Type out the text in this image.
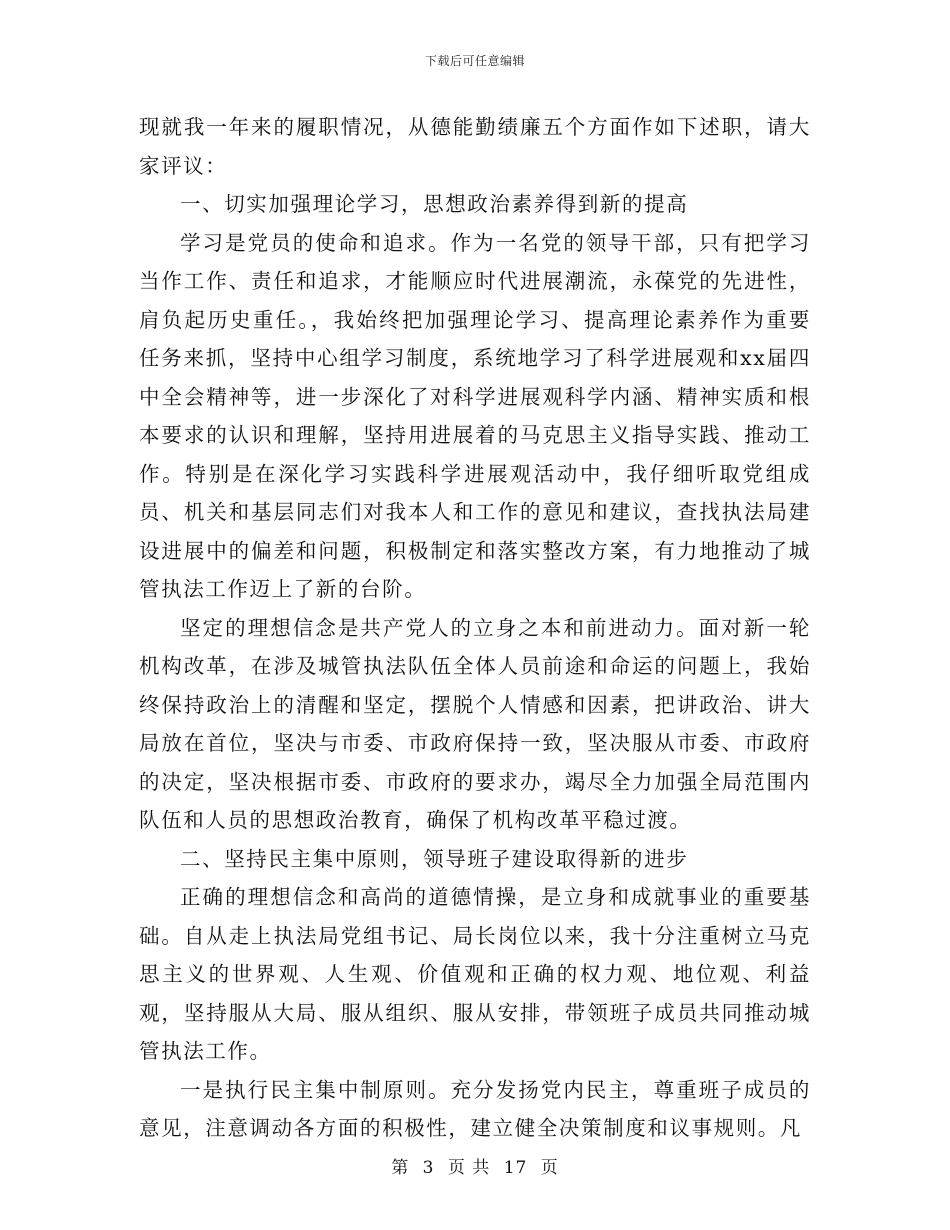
下载后可任意编辑

现就我一年来的履职情况，从德能勤绩廉五个方面作如下述职，请大家评议：

一、切实加强理论学习，思想政治素养得到新的提高

学习是党员的使命和追求。作为一名党的领导干部，只有把学习当作工作、责任和追求，才能顺应时代进展潮流，永葆党的先进性，肩负起历史重任。，我始终把加强理论学习、提高理论素养作为重要任务来抓，坚持中心组学习制度，系统地学习了科学进展观和xx届四中全会精神等，进一步深化了对科学进展观科学内涵、精神实质和根本要求的认识和理解，坚持用进展着的马克思主义指导实践、推动工作。特别是在深化学习实践科学进展观活动中，我仔细听取党组成员、机关和基层同志们对我本人和工作的意见和建议，查找执法局建设进展中的偏差和问题，积极制定和落实整改方案，有力地推动了城管执法工作迈上了新的台阶。

坚定的理想信念是共产党人的立身之本和前进动力。面对新一轮机构改革，在涉及城管执法队伍全体人员前途和命运的问题上，我始终保持政治上的清醒和坚定，摆脱个人情感和因素，把讲政治、讲大局放在首位，坚决与市委、市政府保持一致，坚决服从市委、市政府的决定，坚决根据市委、市政府的要求办，竭尽全力加强全局范围内队伍和人员的思想政治教育，确保了机构改革平稳过渡。

二、坚持民主集中原则，领导班子建设取得新的进步

正确的理想信念和高尚的道德情操，是立身和成就事业的重要基础。自从走上执法局党组书记、局长岗位以来，我十分注重树立马克思主义的世界观、人生观、价值观和正确的权力观、地位观、利益观，坚持服从大局、服从组织、服从安排，带领班子成员共同推动城管执法工作。

一是执行民主集中制原则。充分发扬党内民主，尊重班子成员的意见，注意调动各方面的积极性，建立健全决策制度和议事规则。凡

第 3 页 共 17 页
